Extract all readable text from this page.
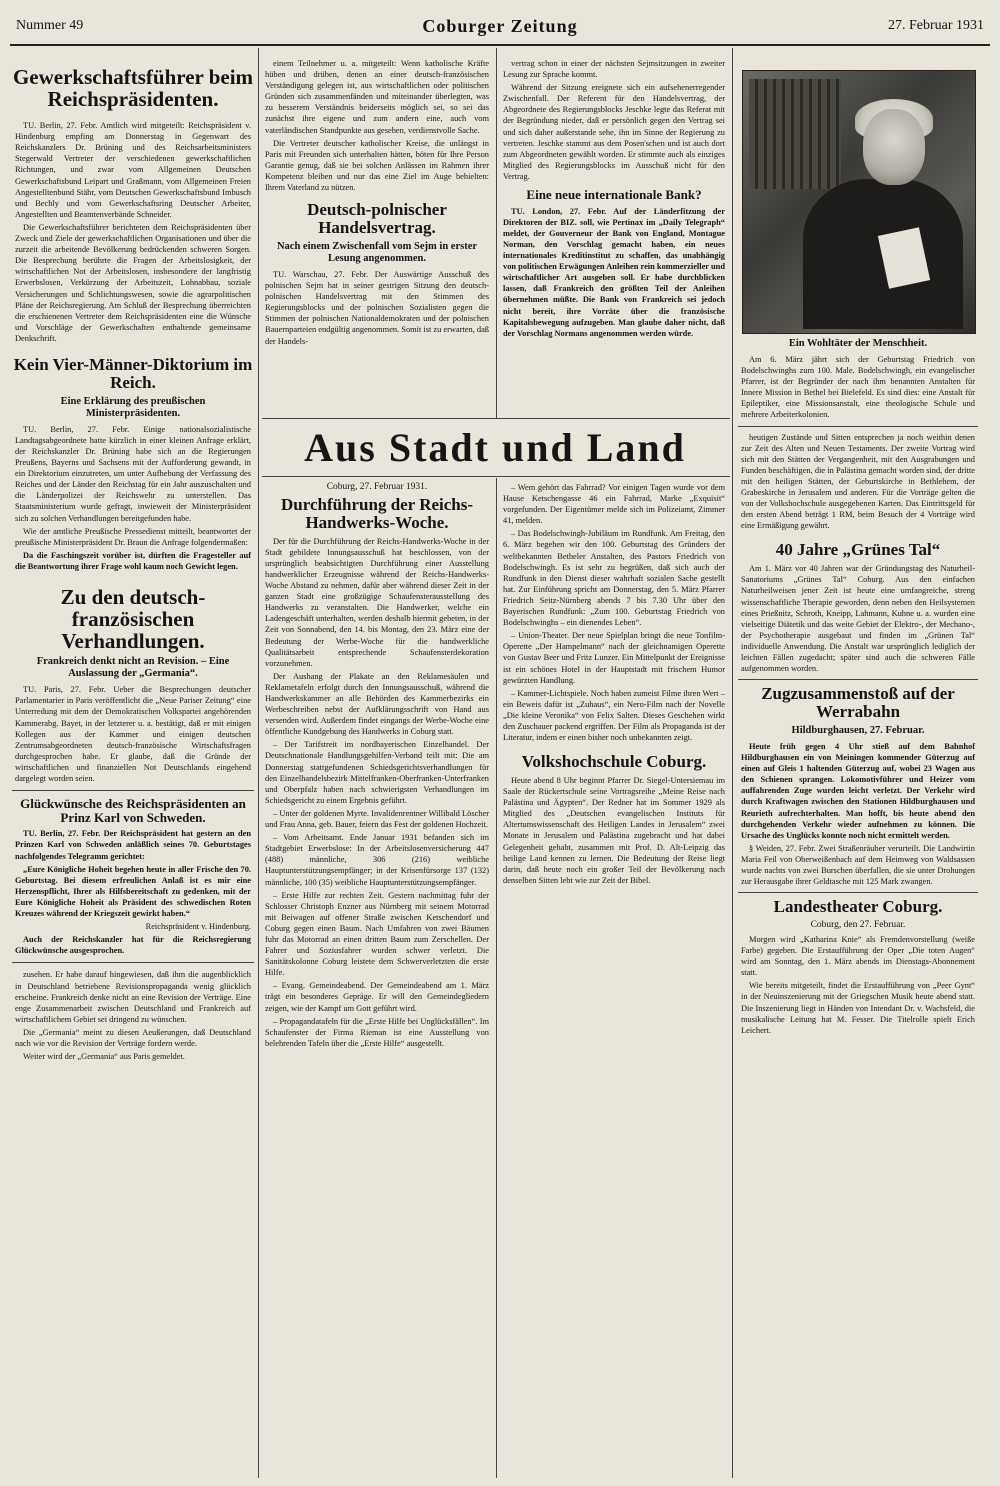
Nummer 49	Coburger Zeitung	27. Februar 1931
Gewerkschaftsführer beim Reichspräsidenten.

TU. Berlin, 27. Febr. Amtlich wird mitgeteilt: Reichspräsident v. Hindenburg empfing am Donnerstag in Gegenwart des Reichskanzlers Dr. Brüning und des Reichsarbeitsministers Stegerwald Vertreter der verschiedenen gewerkschaftlichen Richtungen, und zwar vom Allgemeinen Deutschen Gewerkschaftsbund Leipart und Graßmann, vom Allgemeinen Freien Angestelltenbund Stähr, vom Deutschen Gewerkschaftsbund Imbusch und Bechly und vom Gewerkschaftsring Deutscher Arbeiter, Angestellten und Beamtenverbände Schneider.

Die Gewerkschaftsführer berichteten dem Reichspräsidenten über Zweck und Ziele der gewerkschaftlichen Organisationen und über die zurzeit die arbeitende Bevölkerung bedrückenden schweren Sorgen. Die Besprechung berührte die Fragen der Arbeitslosigkeit, der wirtschaftlichen Not der Arbeitslosen, insbesondere der langfristig Erwerbslosen, Verkürzung der Arbeitszeit, Lohnabbau, soziale Versicherungen und Schlichtungswesen, sowie die agrarpolitischen Pläne der Reichsregierung. Am Schluß der Besprechung überreichten die erschienenen Vertreter dem Reichspräsidenten eine die Wünsche und Vorschläge der Gewerkschaften enthaltende gemeinsame Denkschrift.

Kein Vier-Männer-Diktorium im Reich.
Eine Erklärung des preußischen Ministerpräsidenten.

TU. Berlin, 27. Febr. Einige nationalsozialistische Landtagsabgeordnete hatte kürzlich in einer kleinen Anfrage erklärt, der Reichskanzler Dr. Brüning habe sich an die Regierungen Preußens, Bayerns und Sachsens mit der Aufforderung gewandt, in ein Direktorium einzutreten, um unter Aufhebung der Verfassung des Reiches und der Länder den Reichstag für ein Jahr auszuschalten und die Länderpolizei der Reichswehr zu unterstellen. Das Staatsministerium wurde gefragt, inwieweit der Ministerpräsident sich zu solchen Verhandlungen bereitgefunden habe.

Wie der amtliche Preußische Pressedienst mitteilt, beantwortet der preußische Ministerpräsident Dr. Braun die Anfrage folgendermaßen:

Da die Faschingszeit vorüber ist, dürften die Fragesteller auf die Beantwortung ihrer Frage wohl kaum noch Gewicht legen.

Zu den deutsch-französischen Verhandlungen.
Frankreich denkt nicht an Revision. – Eine Auslassung der „Germania“.

TU. Paris, 27. Febr. Ueber die Besprechungen deutscher Parlamentarier in Paris veröffentlicht die „Neue Pariser Zeitung“ eine Unterredung mit dem der Demokratischen Volkspartei angehörenden Kammerabg. Bayet, in der letzterer u. a. bestätigt, daß er mit einigen Kollegen aus der Kammer und einigen deutschen Zentrumsabgeordneten deutsch-französische Wirtschaftsfragen durchgesprochen habe. Er glaube, daß die Gründe der wirtschaftlichen und finanziellen Not Deutschlands eingehend dargelegt worden seien.

Glückwünsche des Reichspräsidenten an Prinz Karl von Schweden.

TU. Berlin, 27. Febr. Der Reichspräsident hat gestern an den Prinzen Karl von Schweden anläßlich seines 70. Geburtstages nachfolgendes Telegramm gerichtet:

„Eure Königliche Hoheit begehen heute in aller Frische den 70. Geburtstag. Bei diesem erfreulichen Anlaß ist es mir eine Herzenspflicht, Ihrer als Hilfsbereitschaft zu gedenken, mit der Eure Königliche Hoheit als Präsident des schwedischen Roten Kreuzes während der Kriegszeit gewirkt haben.“

Reichspräsident v. Hindenburg.

Auch der Reichskanzler hat für die Reichsregierung Glückwünsche ausgesprochen.

zusehen. Er habe darauf hingewiesen, daß ihm die augenblicklich in Deutschland betriebene Revisionspropaganda wenig glücklich erscheine. Frankreich denke nicht an eine Revision der Verträge. Eine enge Zusammenarbeit zwischen Deutschland und Frankreich auf wirtschaftlichem Gebiet sei dringend zu wünschen.

Die „Germania“ meint zu diesen Aeußerungen, daß Deutschland nach wie vor die Revision der Verträge fordern werde.

Weiter wird der „Germania“ aus Paris gemeldet.

einem Teilnehmer u. a. mitgeteilt: Wenn katholische Kräfte hüben und drüben, denen an einer deutsch-französischen Verständigung gelegen ist, aus wirtschaftlichen oder politischen Gründen sich zusammenfänden und miteinander überlegten, was zu besserem Verständnis beiderseits möglich sei, so sei das zunächst ihre eigene und zum andern eine, auch vom vaterländischen Standpunkte aus gesehen, verdienstvolle Sache.

Die Vertreter deutscher katholischer Kreise, die unlängst in Paris mit Freunden sich unterhalten hätten, böten für Ihre Person Garantie genug, daß sie bei solchen Anlässen im Rahmen ihrer Kompetenz bleiben und nur das eine Ziel im Auge behielten: Ihrem Vaterland zu nützen.

Deutsch-polnischer Handelsvertrag.
Nach einem Zwischenfall vom Sejm in erster Lesung angenommen.

TU. Warschau, 27. Febr. Der Auswärtige Ausschuß des polnischen Sejm hat in seiner gestrigen Sitzung den deutsch-polnischen Handelsvertrag mit den Stimmen des Regierungsblocks und der polnischen Sozialisten gegen die Stimmen der polnischen Nationaldemokraten und der polnischen Bauernparteien endgültig angenommen. Somit ist zu erwarten, daß der Handels-

vertrag schon in einer der nächsten Sejmsitzungen in zweiter Lesung zur Sprache kommt.

Während der Sitzung ereignete sich ein aufsehenerregender Zwischenfall. Der Referent für den Handelsvertrag, der Abgeordnete des Regierungsblocks Jeschke legte das Referat mit der Begründung nieder, daß er persönlich gegen den Vertrag sei und sich daher außerstande sehe, ihn im Sinne der Regierung zu vertreten. Jeschke stammt aus dem Posen'schen und ist auch dort zum Abgeordneten gewählt worden. Er stimmte auch als einziges Mitglied des Regierungsblocks im Ausschuß nicht für den Vertrag.

Eine neue internationale Bank?

TU. London, 27. Febr. Auf der Länderfitzung der Direktoren der BIZ. soll, wie Pertinax im „Daily Telegraph“ meldet, der Gouverneur der Bank von England, Montague Norman, den Vorschlag gemacht haben, ein neues internationales Kreditinstitut zu schaffen, das unabhängig von politischen Erwägungen Anleihen rein kommerzieller und wirtschaftlicher Art ausgeben soll. Er habe durchblicken lassen, daß Frankreich den größten Teil der Anleihen übernehmen müßte. Die Bank von Frankreich sei jedoch nicht bereit, ihre Vorräte über die französische Kapitalsbewegung aufzugeben. Man glaube daher nicht, daß der Vorschlag Normans angenommen werden würde.

Aus Stadt und Land
Coburg, 27. Februar 1931.
Durchführung der Reichs-Handwerks-Woche.

Der für die Durchführung der Reichs-Handwerks-Woche in der Stadt gebildete Innungsausschuß hat beschlossen, von der ursprünglich beabsichtigten Durchführung einer Ausstellung handwerklicher Erzeugnisse während der Reichs-Handwerks-Woche Abstand zu nehmen, dafür aber während dieser Zeit in der ganzen Stadt eine großzügige Schaufensterausstellung des Handwerks zu veranstalten. Die Handwerker, welche ein Ladengeschäft unterhalten, werden deshalb hiermit gebeten, in der Zeit von Sonnabend, den 14. bis Montag, den 23. März eine der Bedeutung der Werbe-Woche für die handwerkliche Qualitätsarbeit entsprechende Schaufensterdekoration vorzunehmen.

Der Aushang der Plakate an den Reklamesäulen und Reklametafeln erfolgt durch den Innungsausschuß, während die Handwerkskammer an alle Behörden des Kammerbezirks ein Werbeschreiben nebst der Aufklärungsschrift von Hand aus versenden wird. Außerdem findet eingangs der Werbe-Woche eine öffentliche Kundgebung des Handwerks in Coburg statt.

– Der Tarifstreit im nordbayerischen Einzelhandel. Der Deutschnationale Handlungsgehilfen-Verband teilt mit: Die am Donnerstag stattgefundenen Schiedsgerichtsverhandlungen für den Einzelhandelsbezirk Mittelfranken-Oberfranken-Unterfranken und Oberpfalz haben nach schwierigsten Verhandlungen im Schiedsgericht zu einem Ergebnis geführt.

– Unter der goldenen Myrte. Invalidenrentner Willibald Löscher und Frau Anna, geb. Bauer, feiern das Fest der goldenen Hochzeit.

– Vom Arbeitsamt. Ende Januar 1931 befanden sich im Stadtgebiet Erwerbslose: In der Arbeitslosenversicherung 447 (488) männliche, 306 (216) weibliche Hauptunterstützungsempfänger; in der Krisenfürsorge 137 (132) männliche, 100 (35) weibliche Hauptunterstützungsempfänger.

– Erste Hilfe zur rechten Zeit. Gestern nachmittag fuhr der Schlosser Christoph Enzner aus Nürnberg mit seinem Motorrad mit Beiwagen auf offener Straße zwischen Ketschendorf und Coburg gegen einen Baum. Nach Umfahren von zwei Bäumen fuhr das Motorrad an einen dritten Baum zum Zerschellen. Der Fahrer und Soziusfahrer wurden schwer verletzt. Die Sanitätskolonne Coburg leistete dem Schwerverletzten die erste Hilfe.

– Evang. Gemeindeabend. Der Gemeindeabend am 1. März trägt ein besonderes Gepräge. Er will den Gemeindegliedern zeigen, wie der Kampf um Gott geführt wird.

– Propagandatafeln für die „Erste Hilfe bei Unglücksfällen“. Im Schaufenster der Firma Rieman ist eine Ausstellung von belehrenden Tafeln über die „Erste Hilfe“ ausgestellt.

– Wem gehört das Fahrrad? Vor einigen Tagen wurde vor dem Hause Ketschengasse 46 ein Fahrrad, Marke „Exquisit“ vorgefunden. Der Eigentümer melde sich im Polizeiamt, Zimmer 41, melden.

– Das Bodelschwingh-Jubiläum im Rundfunk. Am Freitag, den 6. März begehen wir den 100. Geburtstag des Gründers der weltbekannten Betheler Anstalten, des Pastors Friedrich von Bodelschwingh. Es ist sehr zu begrüßen, daß sich auch der Rundfunk in den Dienst dieser wahrhaft sozialen Sache gestellt hat. Zur Einführung spricht am Donnerstag, den 5. März Pfarrer Friedrich Seitz-Nürnberg abends 7 bis 7.30 Uhr über den Bayerischen Rundfunk: „Zum 100. Geburtstag Friedrich von Bodelschwinghs – ein dienendes Leben“.

– Union-Theater. Der neue Spielplan bringt die neue Tonfilm-Operette „Der Hampelmann“ nach der gleichnamigen Operette von Gustav Beer und Fritz Lunzer. Ein Mittelpunkt der Ereignisse ist ein schönes Hotel in der Hauptstadt mit frischem Humor gewürzten Handlung.

– Kammer-Lichtspiele. Noch haben zumeist Filme ihren Wert – ein Beweis dafür ist „Zuhaus“, ein Nero-Film nach der Novelle „Die kleine Veronika“ von Felix Salten. Dieses Geschehen wirkt den Zuschauer packend ergriffen. Der Film als Propaganda ist der Literatur, indem er einen bisher noch unbekannten zeigt.

Volkshochschule Coburg.

Heute abend 8 Uhr beginnt Pfarrer Dr. Siegel-Untersiemau im Saale der Rückertschule seine Vortragsreihe „Meine Reise nach Palästina und Ägypten“. Der Redner hat im Sommer 1929 als Mitglied des „Deutschen evangelischen Instituts für Altertumswissenschaft des Heiligen Landes in Jerusalem“ zwei Monate in Jerusalem und Palästina zugebracht und hat dabei Gelegenheit gehabt, zusammen mit Prof. D. Alt-Leipzig das heilige Land kennen zu lernen. Die Bedeutung der Reise liegt darin, daß heute noch ein großer Teil der Bevölkerung nach denselben Sitten lebt wie zur Zeit der Bibel.

Ein Wohltäter der Menschheit.

Am 6. März jährt sich der Geburtstag Friedrich von Bodelschwinghs zum 100. Male. Bodelschwingh, ein evangelischer Pfarrer, ist der Begründer der nach ihm benannten Anstalten für Innere Mission in Bethel bei Bielefeld. Es sind dies: eine Anstalt für Epileptiker, eine Missionsanstalt, eine theologische Schule und mehrere Arbeiterkolonien.

heutigen Zustände und Sitten entsprechen ja noch weithin denen zur Zeit des Alten und Neuen Testaments. Der zweite Vortrag wird sich mit den Stätten der Vergangenheit, mit den Ausgrabungen und Funden beschäftigen, die in Palästina gemacht worden sind, der dritte mit den heiligen Stätten, der Geburtskirche in Bethlehem, der Grabeskirche in Jerusalem und anderen. Für die Vorträge gelten die von der Volkshochschule ausgegebenen Karten. Das Eintrittsgeld für den ersten Abend beträgt 1 RM, beim Besuch der 4 Vorträge wird eine Ermäßigung gewährt.

40 Jahre „Grünes Tal“

Am 1. März vor 40 Jahren war der Gründungstag des Naturheil-Sanatoriums „Grünes Tal“ Coburg. Aus den einfachen Naturheilweisen jener Zeit ist heute eine umfangreiche, streng wissenschaftliche Therapie geworden, denn neben den Heilsystemen eines Prießnitz, Schroth, Kneipp, Lahmann, Kuhne u. a. wurden eine vielseitige Diätetik und das weite Gebiet der Elektro-, der Mechano-, der Psychotherapie ausgebaut und finden im „Grünen Tal“ individuelle Anwendung. Die Anstalt war ursprünglich lediglich der leichten Fällen zugedacht; später sind auch die schweren Fälle aufgenommen worden.

Zugzusammenstoß auf der Werrabahn
Hildburghausen, 27. Februar.

Heute früh gegen 4 Uhr stieß auf dem Bahnhof Hildburghausen ein von Meiningen kommender Güterzug auf einen auf Gleis 1 haltenden Güterzug auf, wobei 23 Wagen aus den Schienen sprangen. Lokomotivführer und Heizer vom auffahrenden Zuge wurden leicht verletzt. Der Verkehr wird durch Kraftwagen zwischen den Stationen Hildburghausen und Reurieth aufrechterhalten. Man hofft, bis heute abend den durchgehenden Verkehr wieder aufnehmen zu können. Die Ursache des Unglücks konnte noch nicht ermittelt werden.

§ Weiden, 27. Febr. Zwei Straßenräuber verurteilt. Die Landwirtin Maria Feil von Oberweißenbach auf dem Heimweg von Waldsassen wurde nachts von zwei Burschen überfallen, die sie unter Drohungen zur Herausgabe ihrer Geldtasche mit 125 Mark zwangen.

Landestheater Coburg.
Coburg, den 27. Februar.

Morgen wird „Katharina Knie“ als Fremdenvorstellung (weiße Farbe) gegeben. Die Erstaufführung der Oper „Die toten Augen“ wird am Sonntag, den 1. März abends im Dienstags-Abonnement statt.

Wie bereits mitgeteilt, findet die Erstaufführung von „Peer Gynt“ in der Neuinszenierung mit der Griegschen Musik heute abend statt. Die Inszenierung liegt in Händen von Intendant Dr. v. Wachsfeld, die musikalische Leitung hat M. Fesser. Die Titelrolle spielt Erich Leichert.
